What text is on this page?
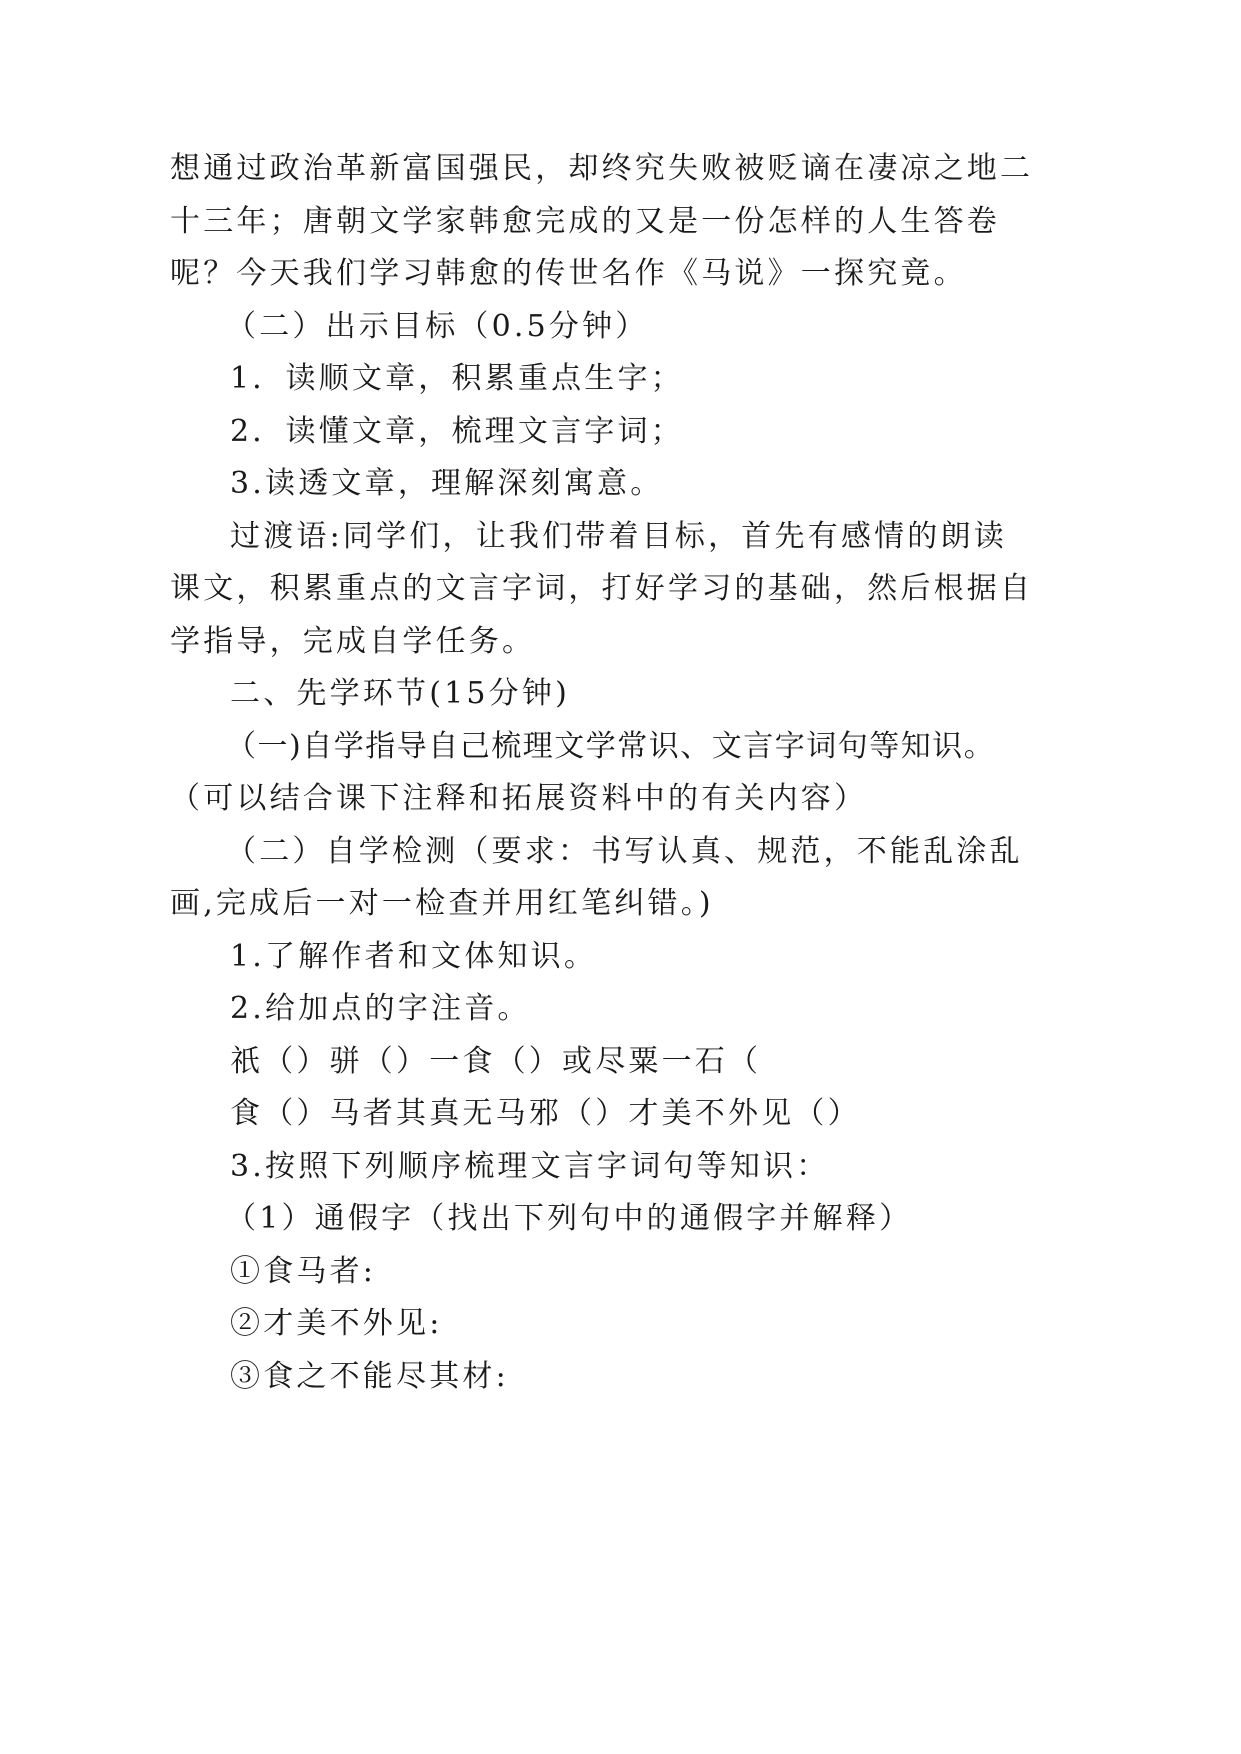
想通过政治革新富国强民，却终究失败被贬谪在凄凉之地二
十三年；唐朝文学家韩愈完成的又是一份怎样的人生答卷
呢？今天我们学习韩愈的传世名作《马说》一探究竟。
（二）出示目标（0.5分钟）
1．读顺文章，积累重点生字；
2．读懂文章，梳理文言字词；
3.读透文章，理解深刻寓意。
过渡语:同学们，让我们带着目标，首先有感情的朗读
课文，积累重点的文言字词，打好学习的基础，然后根据自
学指导，完成自学任务。
二、先学环节(15分钟)
（一)自学指导自己梳理文学常识、文言字词句等知识。
（可以结合课下注释和拓展资料中的有关内容）
（二）自学检测（要求：书写认真、规范，不能乱涂乱
画,完成后一对一检查并用红笔纠错。)
1.了解作者和文体知识。
2.给加点的字注音。
祇（）骈（）一食（）或尽粟一石（
食（）马者其真无马邪（）才美不外见（）
3.按照下列顺序梳理文言字词句等知识：
（1）通假字（找出下列句中的通假字并解释）
①食马者:
②才美不外见:
③食之不能尽其材:
